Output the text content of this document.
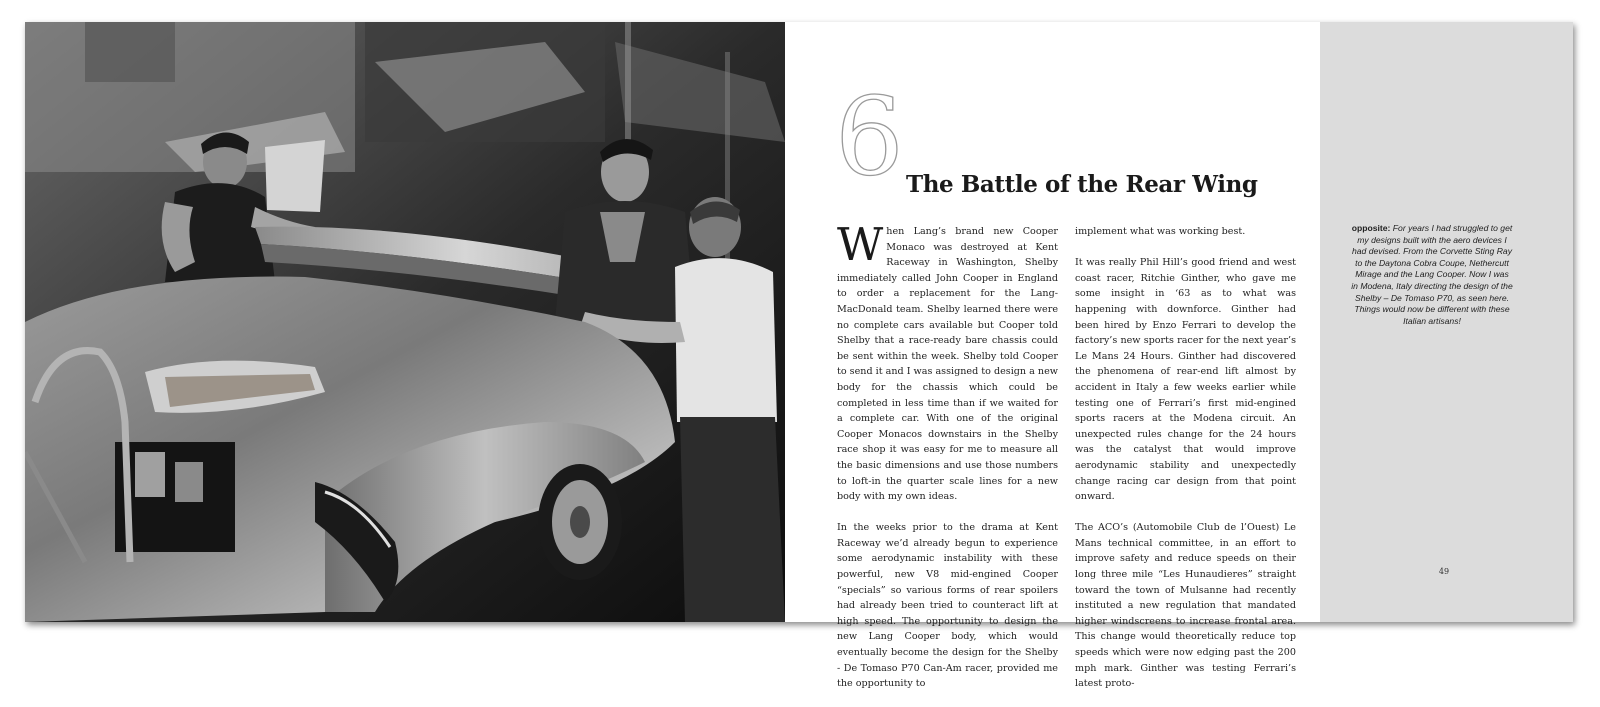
6 The Battle of the Rear Wing

When Lang’s brand new Cooper Monaco was destroyed at Kent Raceway in Washington, Shelby immediately called John Cooper in England to order a replacement for the Lang-MacDonald team. Shelby learned there were no complete cars available but Cooper told Shelby that a race-ready bare chassis could be sent within the week. Shelby told Cooper to send it and I was assigned to design a new body for the chassis which could be completed in less time than if we waited for a complete car. With one of the original Cooper Monacos downstairs in the Shelby race shop it was easy for me to measure all the basic dimensions and use those numbers to loft-in the quarter scale lines for a new body with my own ideas.

In the weeks prior to the drama at Kent Raceway we’d already begun to experience some aerodynamic instability with these powerful, new V8 mid-engined Cooper “specials” so various forms of rear spoilers had already been tried to counteract lift at high speed. The opportunity to design the new Lang Cooper body, which would eventually become the design for the Shelby - De Tomaso P70 Can-Am racer, provided me the opportunity to

implement what was working best.

It was really Phil Hill’s good friend and west coast racer, Ritchie Ginther, who gave me some insight in ‘63 as to what was happening with downforce. Ginther had been hired by Enzo Ferrari to develop the factory’s new sports racer for the next year’s Le Mans 24 Hours. Ginther had discovered the phenomena of rear-end lift almost by accident in Italy a few weeks earlier while testing one of Ferrari’s first mid-engined sports racers at the Modena circuit. An unexpected rules change for the 24 hours was the catalyst that would improve aerodynamic stability and unexpectedly change racing car design from that point onward.

The ACO’s (Automobile Club de l’Ouest) Le Mans technical committee, in an effort to improve safety and reduce speeds on their long three mile “Les Hunaudieres” straight toward the town of Mulsanne had recently instituted a new regulation that mandated higher windscreens to increase frontal area. This change would theoretically reduce top speeds which were now edging past the 200 mph mark. Ginther was testing Ferrari’s latest proto-

opposite: For years I had struggled to get my designs built with the aero devices I had devised. From the Corvette Sting Ray to the Daytona Cobra Coupe, Nethercutt Mirage and the Lang Cooper. Now I was in Modena, Italy directing the design of the Shelby – De Tomaso P70, as seen here. Things would now be different with these Italian artisans!
49
